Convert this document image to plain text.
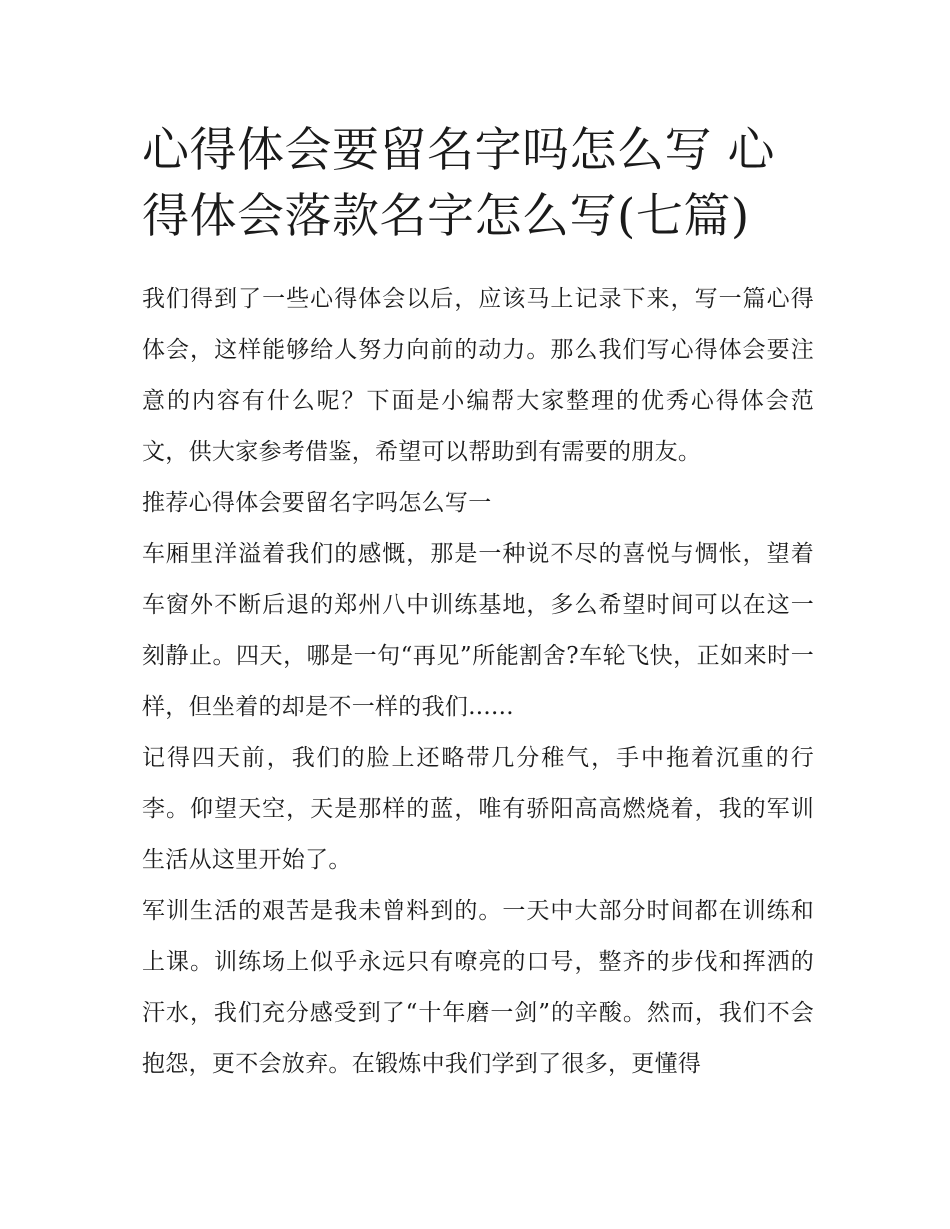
心得体会要留名字吗怎么写 心得体会落款名字怎么写(七篇)

我们得到了一些心得体会以后，应该马上记录下来，写一篇心得体会，这样能够给人努力向前的动力。那么我们写心得体会要注意的内容有什么呢？下面是小编帮大家整理的优秀心得体会范文，供大家参考借鉴，希望可以帮助到有需要的朋友。

推荐心得体会要留名字吗怎么写一

车厢里洋溢着我们的感慨，那是一种说不尽的喜悦与惆怅，望着车窗外不断后退的郑州八中训练基地，多么希望时间可以在这一刻静止。四天，哪是一句“再见”所能割舍?车轮飞快，正如来时一样，但坐着的却是不一样的我们......

记得四天前，我们的脸上还略带几分稚气，手中拖着沉重的行李。仰望天空，天是那样的蓝，唯有骄阳高高燃烧着，我的军训生活从这里开始了。

军训生活的艰苦是我未曾料到的。一天中大部分时间都在训练和上课。训练场上似乎永远只有嘹亮的口号，整齐的步伐和挥洒的汗水，我们充分感受到了“十年磨一剑”的辛酸。然而，我们不会抱怨，更不会放弃。在锻炼中我们学到了很多，更懂得
